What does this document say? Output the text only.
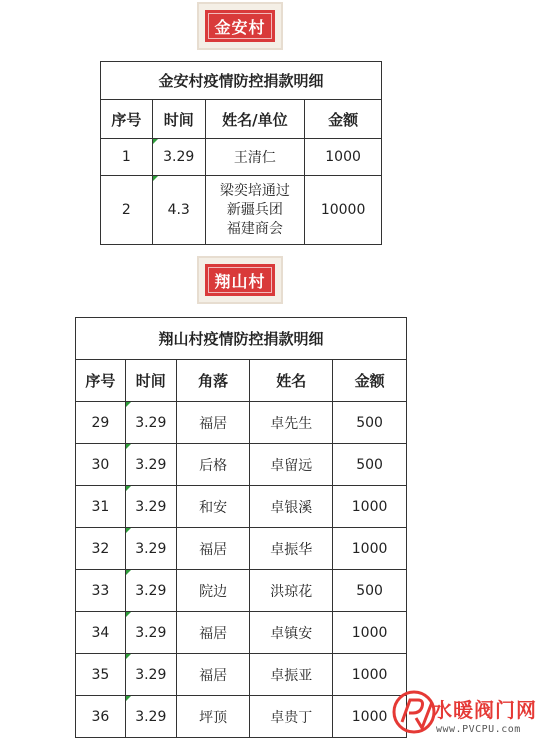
金安村
金安村疫情防控捐款明细			
序号	时间	姓名/单位	金额
1	3.29	王清仁	1000
2	4.3	梁奕培通过
新疆兵团
福建商会	10000
翔山村
翔山村疫情防控捐款明细				
序号	时间	角落	姓名	金额
29	3.29	福居	卓先生	500
30	3.29	后格	卓留远	500
31	3.29	和安	卓银溪	1000
32	3.29	福居	卓振华	1000
33	3.29	院边	洪琼花	500
34	3.29	福居	卓镇安	1000
35	3.29	福居	卓振亚	1000
36	3.29	坪顶	卓贵丁	1000 水暖阀门网
www.PVCPU.com
